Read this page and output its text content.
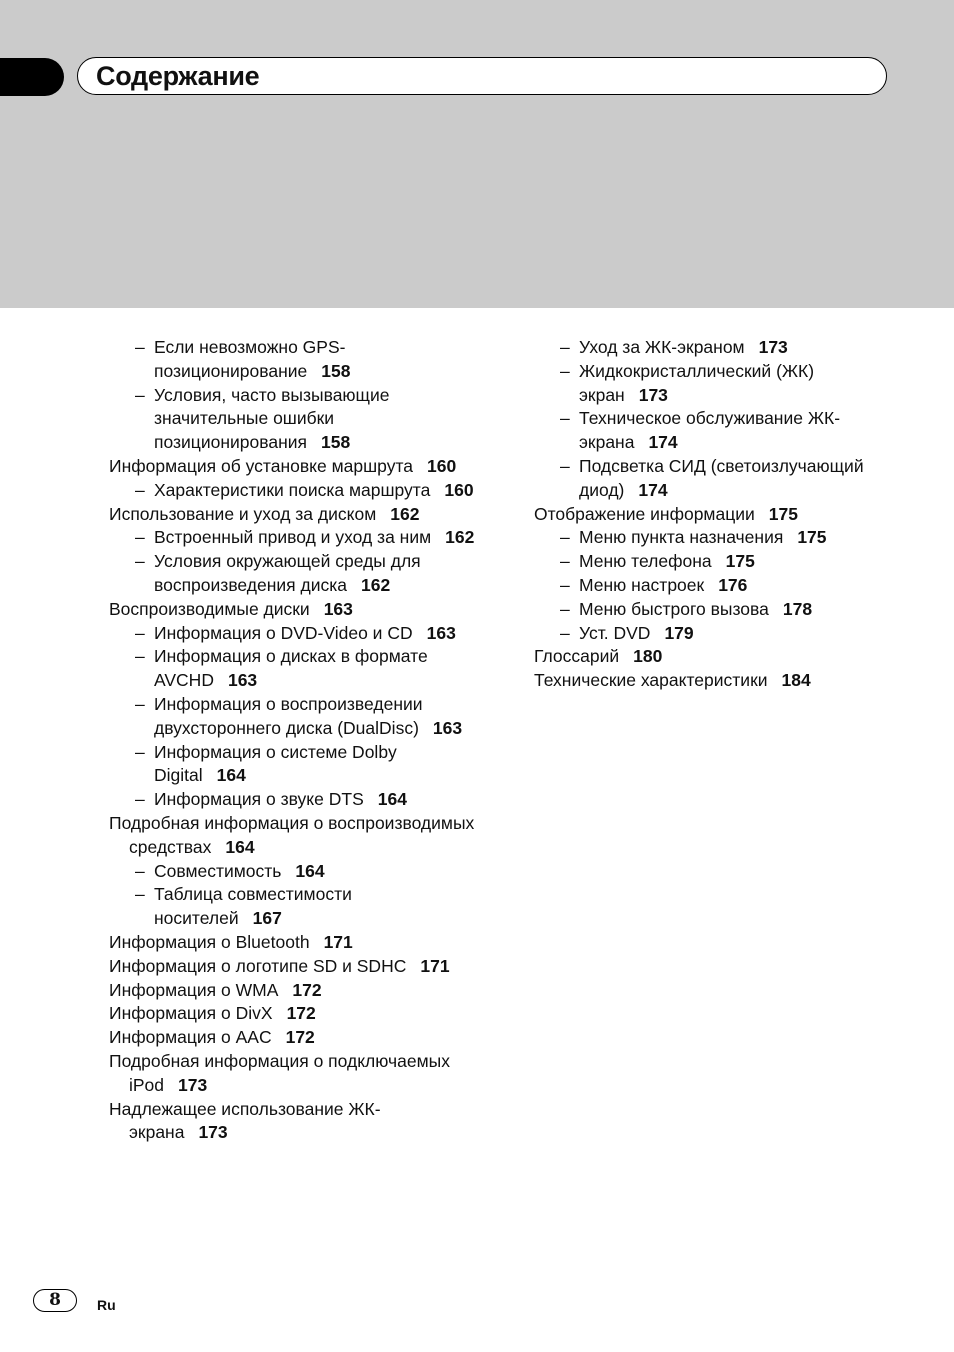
Содержание
– Если невозможно GPS-позиционирование 158
– Условия, часто вызывающие значительные ошибки позиционирования 158
Информация об установке маршрута 160
– Характеристики поиска маршрута 160
Использование и уход за диском 162
– Встроенный привод и уход за ним 162
– Условия окружающей среды для воспроизведения диска 162
Воспроизводимые диски 163
– Информация о DVD-Video и CD 163
– Информация о дисках в формате AVCHD 163
– Информация о воспроизведении двухстороннего диска (DualDisc) 163
– Информация о системе Dolby Digital 164
– Информация о звуке DTS 164
Подробная информация о воспроизводимых средствах 164
– Совместимость 164
– Таблица совместимости носителей 167
Информация о Bluetooth 171
Информация о логотипе SD и SDHC 171
Информация о WMA 172
Информация о DivX 172
Информация о AAC 172
Подробная информация о подключаемых iPod 173
Надлежащее использование ЖК-экрана 173
– Уход за ЖК-экраном 173
– Жидкокристаллический (ЖК) экран 173
– Техническое обслуживание ЖК-экрана 174
– Подсветка СИД (светоизлучающий диод) 174
Отображение информации 175
– Меню пункта назначения 175
– Меню телефона 175
– Меню настроек 176
– Меню быстрого вызова 178
– Уст. DVD 179
Глоссарий 180
Технические характеристики 184
8	Ru
